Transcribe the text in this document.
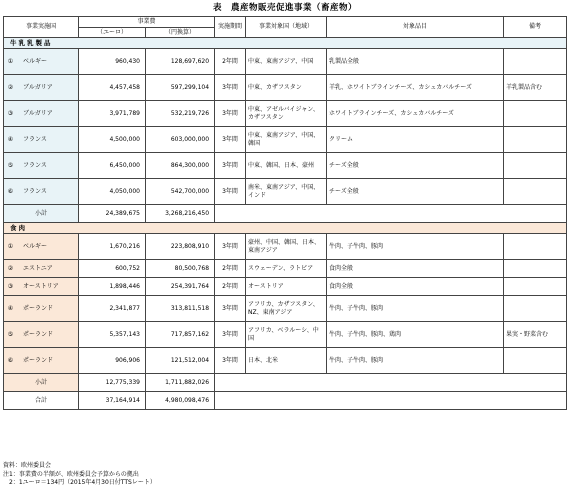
表　農産物販売促進事業（畜産物）
事業実施国	事業費		実施期間	事業対象国（地域）	対象品目	備考
	（ユーロ）	（円換算）				
牛乳乳製品						
① ベルギー	960,430	128,697,620	2年間	中東、東南アジア、中国	乳製品全般	
② ブルガリア	4,457,458	597,299,104	3年間	中東、カザフスタン	羊乳、ホワイトブラインチーズ、カシュカバルチーズ	羊乳製品含む
③ ブルガリア	3,971,789	532,219,726	3年間	中東、アゼルバイジャン、カザフスタン	ホワイトブラインチーズ、カシュカバルチーズ	
④ フランス	4,500,000	603,000,000	3年間	中東、東南アジア、中国、韓国	クリーム	
⑤ フランス	6,450,000	864,300,000	3年間	中東、韓国、日本、豪州	チーズ全般	
⑥ フランス	4,050,000	542,700,000	3年間	南米、東南アジア、中国、インド	チーズ全般	
小計	24,389,675	3,268,216,450				
食肉						
① ベルギー	1,670,216	223,808,910	3年間	豪州、中国、韓国、日本、東南アジア	牛肉、子牛肉、豚肉	
② エストニア	600,752	80,500,768	2年間	スウェーデン、ラトビア	食肉全般	
③ オーストリア	1,898,446	254,391,764	2年間	オーストリア	食肉全般	
④ ポーランド	2,341,877	313,811,518	3年間	アフリカ、カザフスタン、NZ、東南アジア	牛肉、子牛肉、豚肉	
⑤ ポーランド	5,357,143	717,857,162	3年間	アフリカ、ベラルーシ、中国	牛肉、子牛肉、豚肉、鶏肉	果実・野菜含む
⑥ ポーランド	906,906	121,512,004	3年間	日本、北米	牛肉、子牛肉、豚肉	
小計	12,775,339	1,711,882,026				
合計	37,164,914	4,980,098,476				
資料：欧州委員会
注1：事業費の半額が、欧州委員会予算からの拠出
　2：1ユーロ＝134円（2015年4月30日付TTSレート）
